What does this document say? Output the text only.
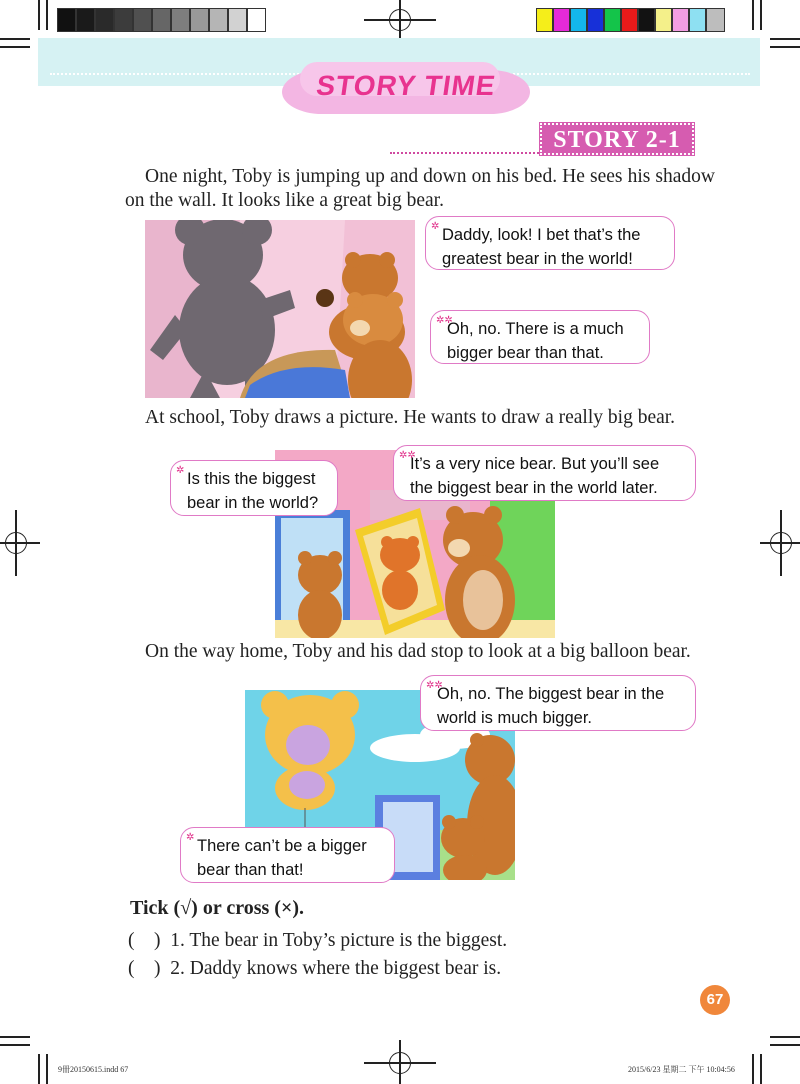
STORY TIME
STORY 2-1
One night, Toby is jumping up and down on his bed. He sees his shadow on the wall. It looks like a great big bear.
✲ Daddy, look! I bet that’s the greatest bear in the world!
✲✲
Oh, no. There is a much bigger bear than that.
At school, Toby draws a picture. He wants to draw a really big bear.
✲ Is this the biggest bear in the world?
✲✲
It’s a very nice bear. But you’ll see the biggest bear in the world later.
On the way home, Toby and his dad stop to look at a big balloon bear.
✲✲
Oh, no. The biggest bear in the world is much bigger.
✲ There can’t be a bigger bear than that!
Tick (√) or cross (×).
(    )  1. The bear in Toby’s picture is the biggest.
(    )  2. Daddy knows where the biggest bear is.
67
9冊20150615.indd 67	2015/6/23 星期二 下午 10:04:56
